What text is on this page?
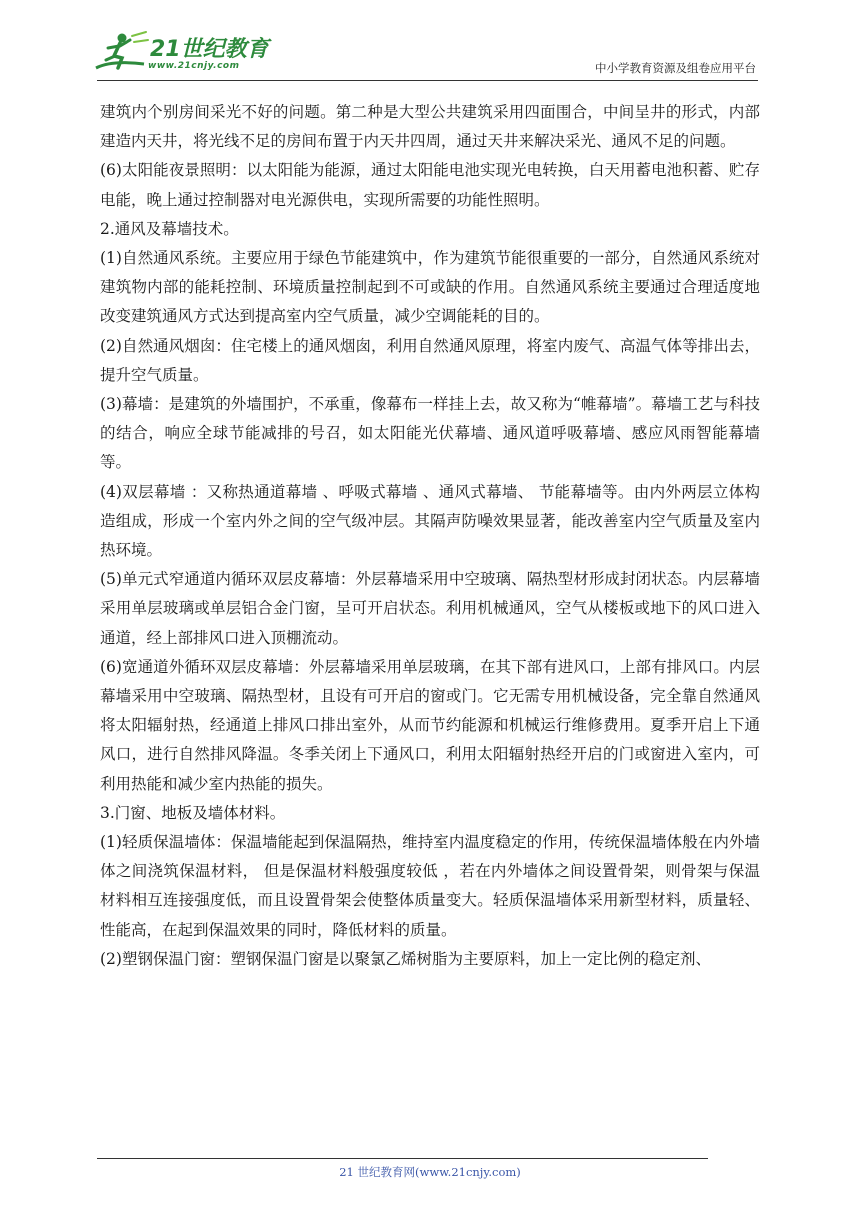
21世纪教育
www.21cnjy.com	中小学教育资源及组卷应用平台

建筑内个别房间采光不好的问题。第二种是大型公共建筑采用四面围合，中间呈井的形式，内部建造内天井，将光线不足的房间布置于内天井四周，通过天井来解决采光、通风不足的问题。

(6)太阳能夜景照明：以太阳能为能源，通过太阳能电池实现光电转换，白天用蓄电池积蓄、贮存电能，晚上通过控制器对电光源供电，实现所需要的功能性照明。

2.通风及幕墙技术。

(1)自然通风系统。主要应用于绿色节能建筑中，作为建筑节能很重要的一部分，自然通风系统对建筑物内部的能耗控制、环境质量控制起到不可或缺的作用。自然通风系统主要通过合理适度地改变建筑通风方式达到提高室内空气质量，减少空调能耗的目的。

(2)自然通风烟囱：住宅楼上的通风烟囱，利用自然通风原理，将室内废气、高温气体等排出去，提升空气质量。

(3)幕墙：是建筑的外墙围护，不承重，像幕布一样挂上去，故又称为“帷幕墙”。幕墙工艺与科技的结合，响应全球节能减排的号召，如太阳能光伏幕墙、通风道呼吸幕墙、感应风雨智能幕墙等。

(4)双层幕墙 ：又称热通道幕墙 、呼吸式幕墙 、通风式幕墙、 节能幕墙等。由内外两层立体构造组成，形成一个室内外之间的空气级冲层。其隔声防噪效果显著，能改善室内空气质量及室内热环境。

(5)单元式窄通道内循环双层皮幕墙：外层幕墙采用中空玻璃、隔热型材形成封闭状态。内层幕墙采用单层玻璃或单层铝合金门窗，呈可开启状态。利用机械通风，空气从楼板或地下的风口进入通道，经上部排风口进入顶棚流动。

(6)宽通道外循环双层皮幕墙：外层幕墙采用单层玻璃，在其下部有进风口，上部有排风口。内层幕墙采用中空玻璃、隔热型材，且设有可开启的窗或门。它无需专用机械设备，完全靠自然通风将太阳辐射热，经通道上排风口排出室外，从而节约能源和机械运行维修费用。夏季开启上下通风口，进行自然排风降温。冬季关闭上下通风口，利用太阳辐射热经开启的门或窗进入室内，可利用热能和减少室内热能的损失。

3.门窗、地板及墙体材料。

(1)轻质保温墙体：保温墙能起到保温隔热，维持室内温度稳定的作用，传统保温墙体般在内外墙体之间浇筑保温材料， 但是保温材料般强度较低 ，若在内外墙体之间设置骨架，则骨架与保温材料相互连接强度低，而且设置骨架会使整体质量变大。轻质保温墙体采用新型材料，质量轻、性能高，在起到保温效果的同时，降低材料的质量。

(2)塑钢保温门窗：塑钢保温门窗是以聚氯乙烯树脂为主要原料，加上一定比例的稳定剂、

21 世纪教育网(www.21cnjy.com)
